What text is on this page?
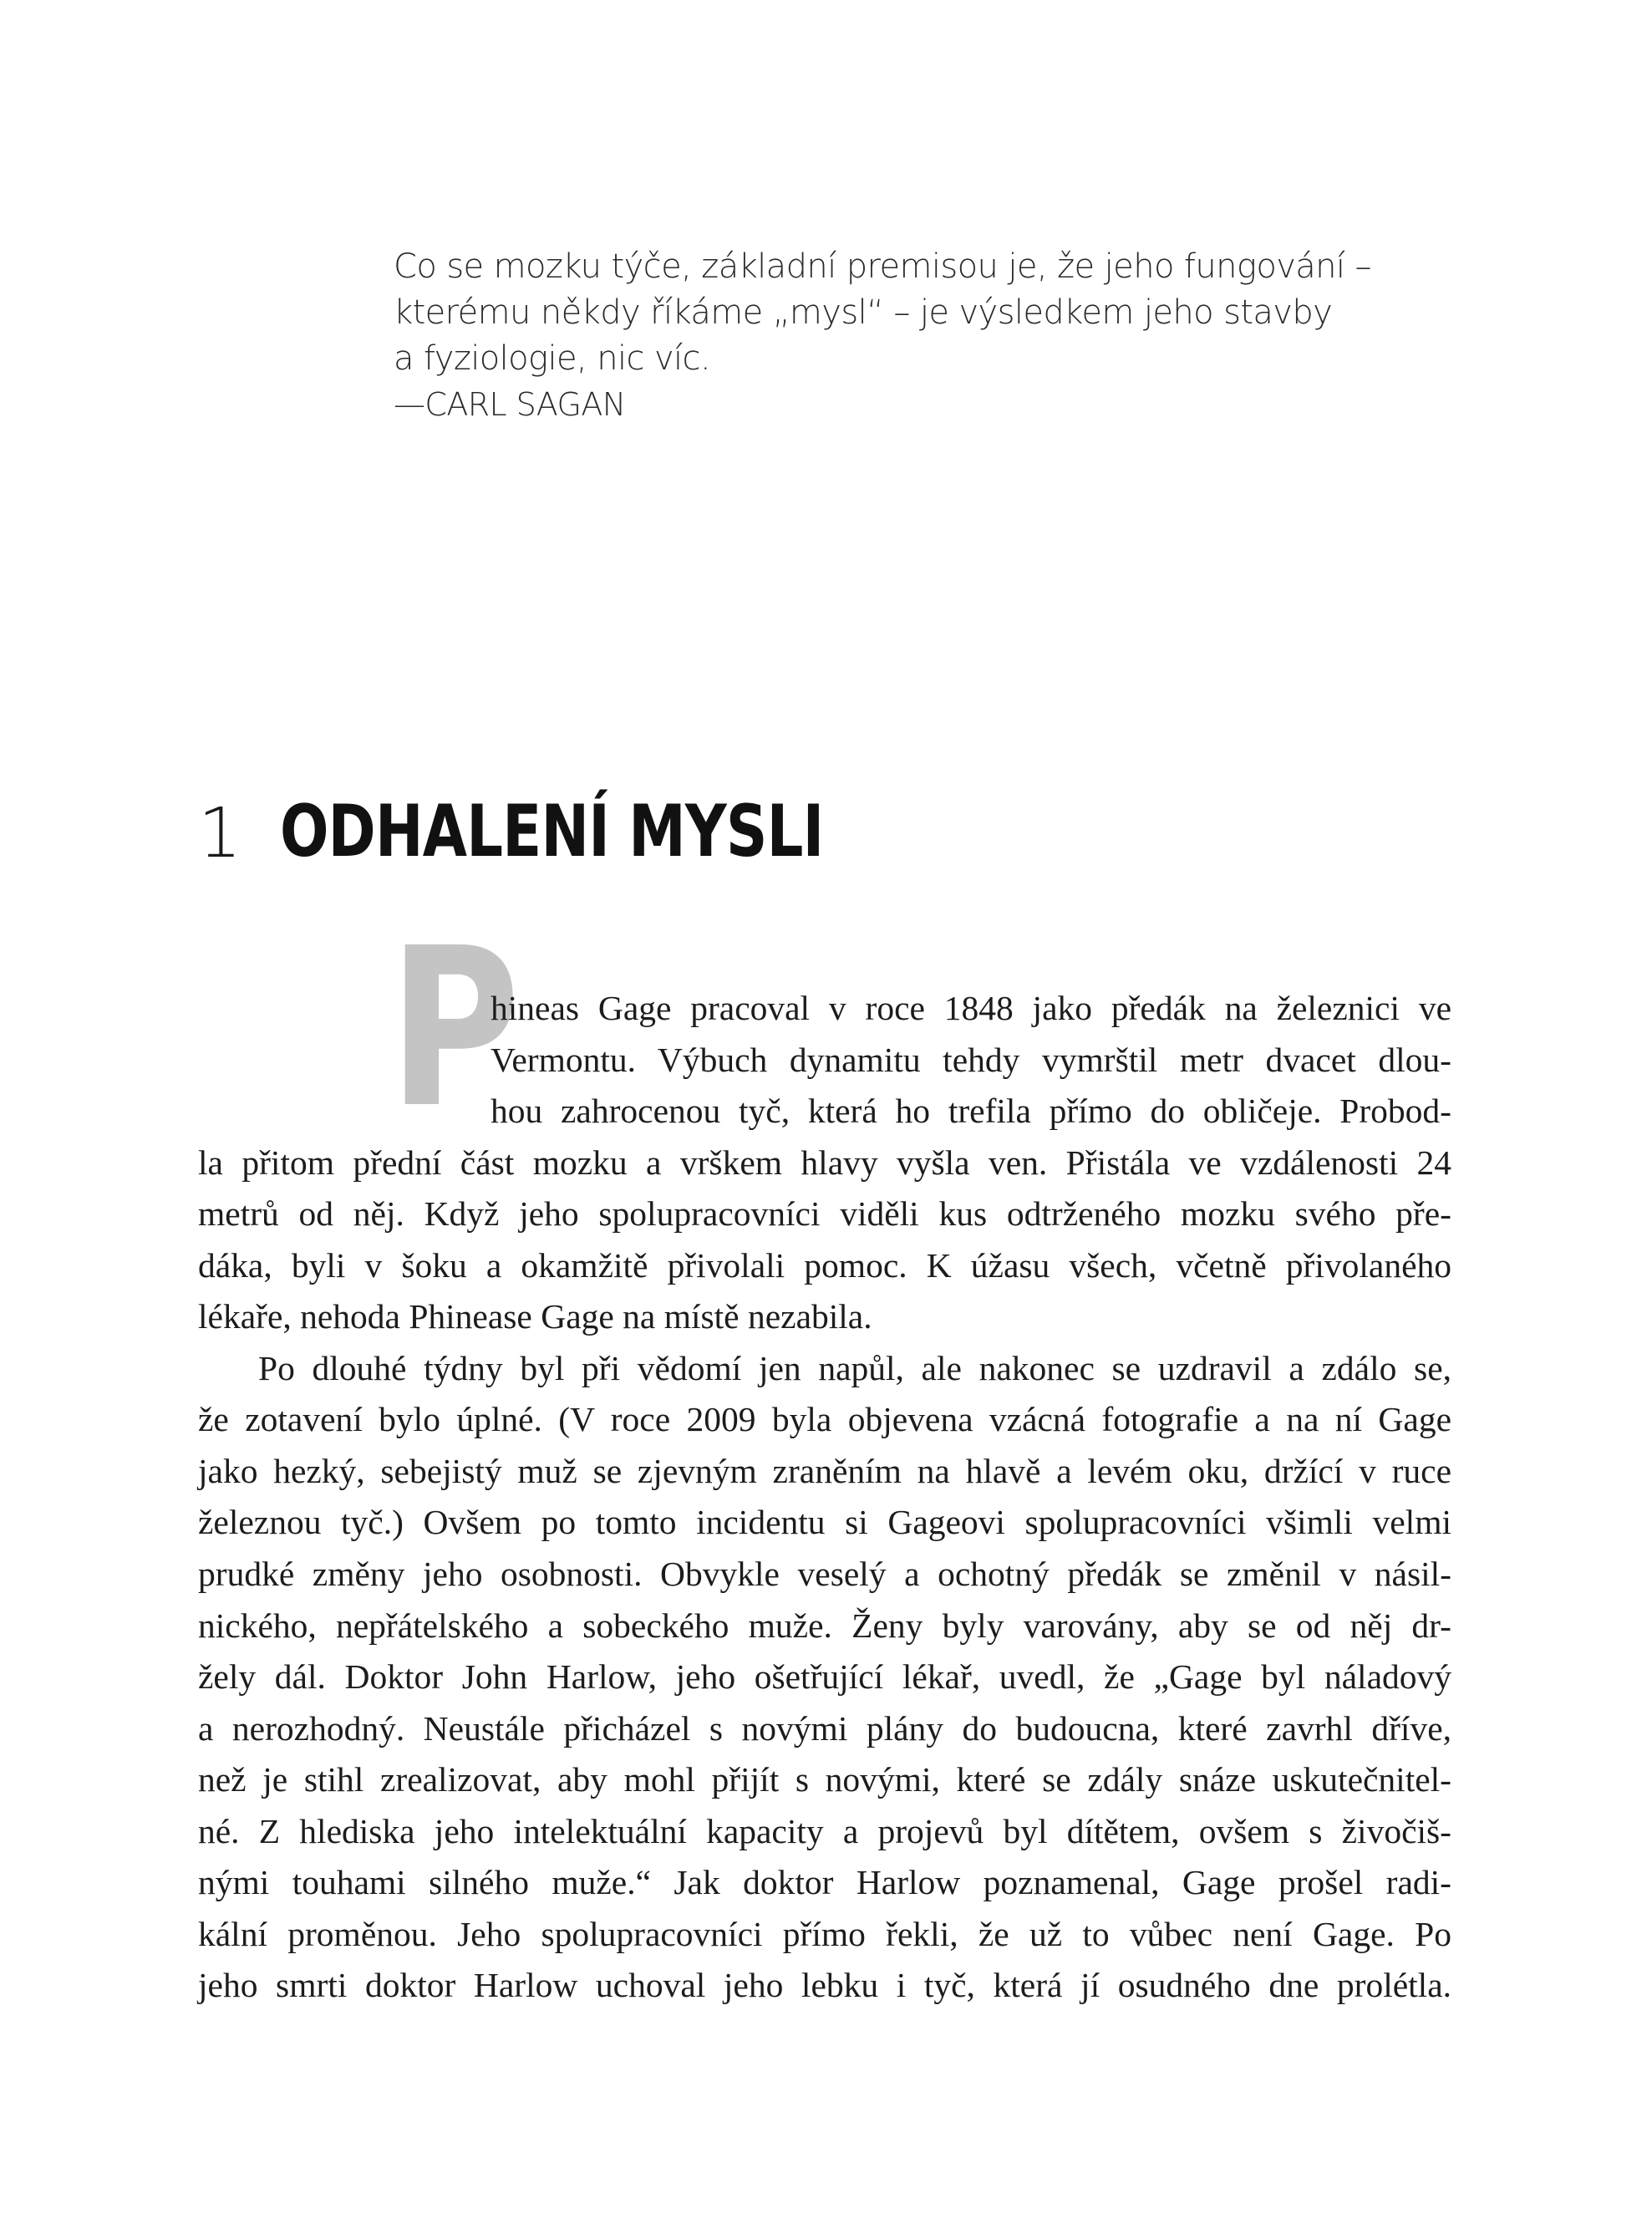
Co se mozku týče, základní premisou je, že jeho fungování –
kterému někdy říkáme „mysl“ – je výsledkem jeho stavby
a fyziologie, nic víc.
—CARL SAGAN
1 ODHALENÍ MYSLI
P
hineas Gage pracoval v roce 1848 jako předák na železnici ve
Vermontu. Výbuch dynamitu tehdy vymrštil metr dvacet dlou-
hou zahrocenou tyč, která ho trefila přímo do obličeje. Probod-
la přitom přední část mozku a vrškem hlavy vyšla ven. Přistála ve vzdálenosti 24
metrů od něj. Když jeho spolupracovníci viděli kus odtrženého mozku svého pře-
dáka, byli v šoku a okamžitě přivolali pomoc. K úžasu všech, včetně přivolaného
lékaře, nehoda Phinease Gage na místě nezabila.
Po dlouhé týdny byl při vědomí jen napůl, ale nakonec se uzdravil a zdálo se,
že zotavení bylo úplné. (V roce 2009 byla objevena vzácná fotografie a na ní Gage
jako hezký, sebejistý muž se zjevným zraněním na hlavě a levém oku, držící v ruce
železnou tyč.) Ovšem po tomto incidentu si Gageovi spolupracovníci všimli velmi
prudké změny jeho osobnosti. Obvykle veselý a ochotný předák se změnil v násil-
nického, nepřátelského a sobeckého muže. Ženy byly varovány, aby se od něj dr-
žely dál. Doktor John Harlow, jeho ošetřující lékař, uvedl, že „Gage byl náladový
a nerozhodný. Neustále přicházel s novými plány do budoucna, které zavrhl dříve,
než je stihl zrealizovat, aby mohl přijít s novými, které se zdály snáze uskutečnitel-
né. Z hlediska jeho intelektuální kapacity a projevů byl dítětem, ovšem s živočiš-
nými touhami silného muže.“ Jak doktor Harlow poznamenal, Gage prošel radi-
kální proměnou. Jeho spolupracovníci přímo řekli, že už to vůbec není Gage. Po
jeho smrti doktor Harlow uchoval jeho lebku i tyč, která jí osudného dne prolétla.
